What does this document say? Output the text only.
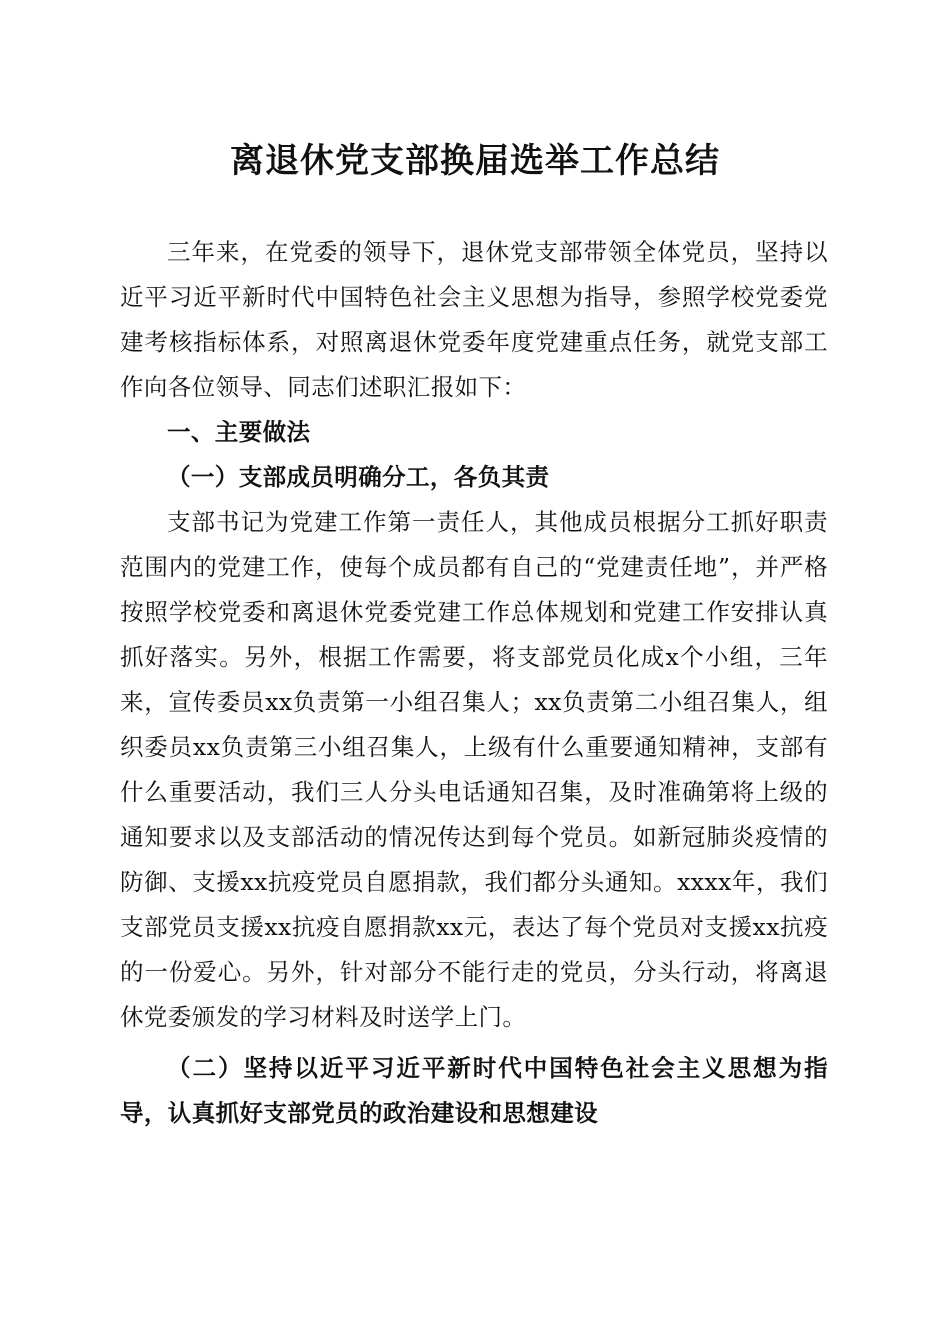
离退休党支部换届选举工作总结

三年来，在党委的领导下，退休党支部带领全体党员，坚持以近平习近平新时代中国特色社会主义思想为指导，参照学校党委党建考核指标体系，对照离退休党委年度党建重点任务，就党支部工作向各位领导、同志们述职汇报如下：

一、主要做法

（一）支部成员明确分工，各负其责

支部书记为党建工作第一责任人，其他成员根据分工抓好职责范围内的党建工作，使每个成员都有自己的“党建责任地”，并严格按照学校党委和离退休党委党建工作总体规划和党建工作安排认真抓好落实。另外，根据工作需要，将支部党员化成x个小组，三年来，宣传委员xx负责第一小组召集人；xx负责第二小组召集人，组织委员xx负责第三小组召集人，上级有什么重要通知精神，支部有什么重要活动，我们三人分头电话通知召集，及时准确第将上级的通知要求以及支部活动的情况传达到每个党员。如新冠肺炎疫情的防御、支援xx抗疫党员自愿捐款，我们都分头通知。xxxx年，我们支部党员支援xx抗疫自愿捐款xx元，表达了每个党员对支援xx抗疫的一份爱心。另外，针对部分不能行走的党员，分头行动，将离退休党委颁发的学习材料及时送学上门。

（二）坚持以近平习近平新时代中国特色社会主义思想为指导，认真抓好支部党员的政治建设和思想建设
